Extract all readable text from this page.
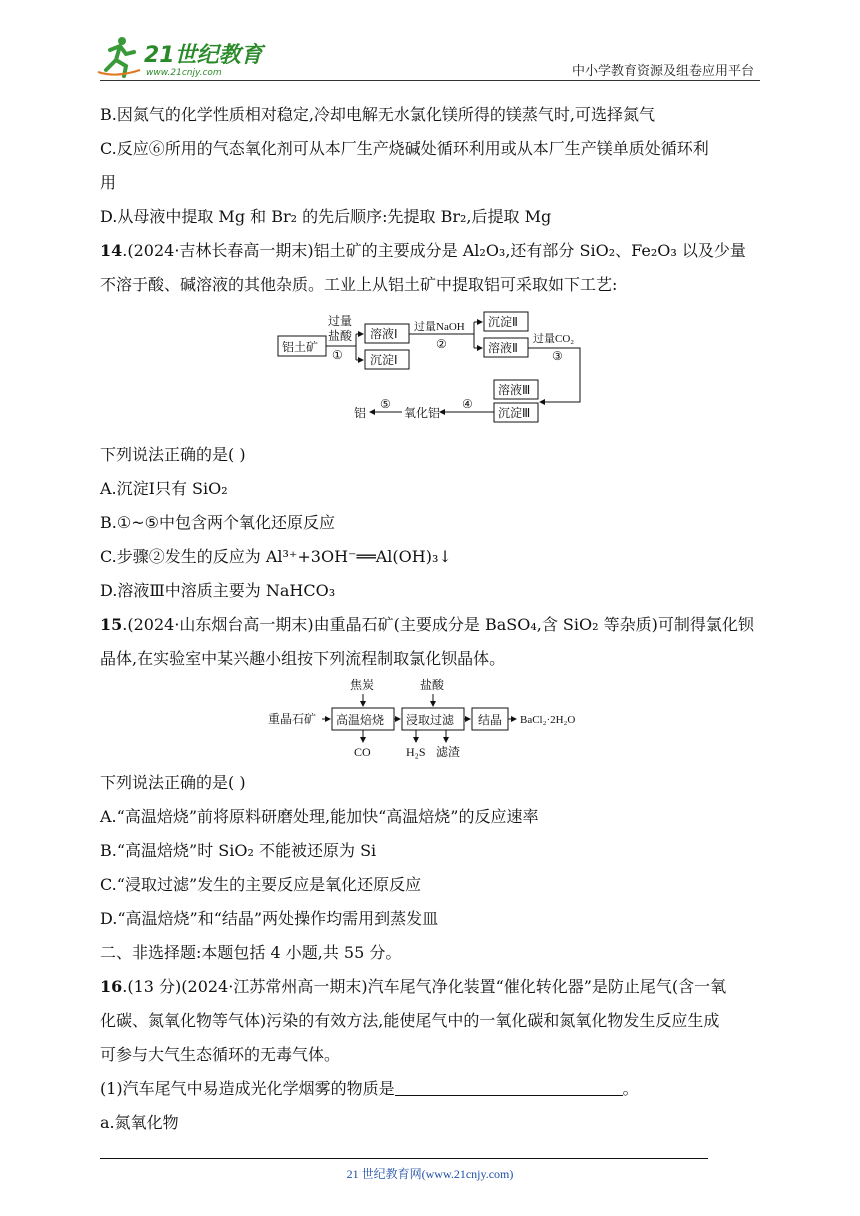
21世纪教育
www.21cnjy.com	中小学教育资源及组卷应用平台
B.因氮气的化学性质相对稳定,冷却电解无水氯化镁所得的镁蒸气时,可选择氮气
C.反应⑥所用的气态氧化剂可从本厂生产烧碱处循环利用或从本厂生产镁单质处循环利
用
D.从母液中提取 Mg 和 Br₂ 的先后顺序:先提取 Br₂,后提取 Mg
14.(2024·吉林长春高一期末)铝土矿的主要成分是 Al₂O₃,还有部分 SiO₂、Fe₂O₃ 以及少量
不溶于酸、碱溶液的其他杂质。工业上从铝土矿中提取铝可采取如下工艺:
铝土矿
过量
盐酸
①
溶液Ⅰ
沉淀Ⅰ
过量NaOH
②
沉淀Ⅱ
溶液Ⅱ
过量CO₂
③
溶液Ⅲ
沉淀Ⅲ
④
氧化铝
⑤
铝
下列说法正确的是( )
A.沉淀Ⅰ只有 SiO₂
B.①~⑤中包含两个氧化还原反应
C.步骤②发生的反应为 Al³⁺+3OH⁻══Al(OH)₃↓
D.溶液Ⅲ中溶质主要为 NaHCO₃
15.(2024·山东烟台高一期末)由重晶石矿(主要成分是 BaSO₄,含 SiO₂ 等杂质)可制得氯化钡
晶体,在实验室中某兴趣小组按下列流程制取氯化钡晶体。
重晶石矿
焦炭	盐酸
高温焙烧 浸取过滤 结晶 BaCl₂·2H₂O
CO	H₂S 滤渣
下列说法正确的是( )
A.“高温焙烧”前将原料研磨处理,能加快“高温焙烧”的反应速率
B.“高温焙烧”时 SiO₂ 不能被还原为 Si
C.“浸取过滤”发生的主要反应是氧化还原反应
D.“高温焙烧”和“结晶”两处操作均需用到蒸发皿
二、非选择题:本题包括 4 小题,共 55 分。
16.(13 分)(2024·江苏常州高一期末)汽车尾气净化装置“催化转化器”是防止尾气(含一氧
化碳、氮氧化物等气体)污染的有效方法,能使尾气中的一氧化碳和氮氧化物发生反应生成
可参与大气生态循环的无毒气体。
(1)汽车尾气中易造成光化学烟雾的物质是	。
a.氮氧化物
21 世纪教育网(www.21cnjy.com)
